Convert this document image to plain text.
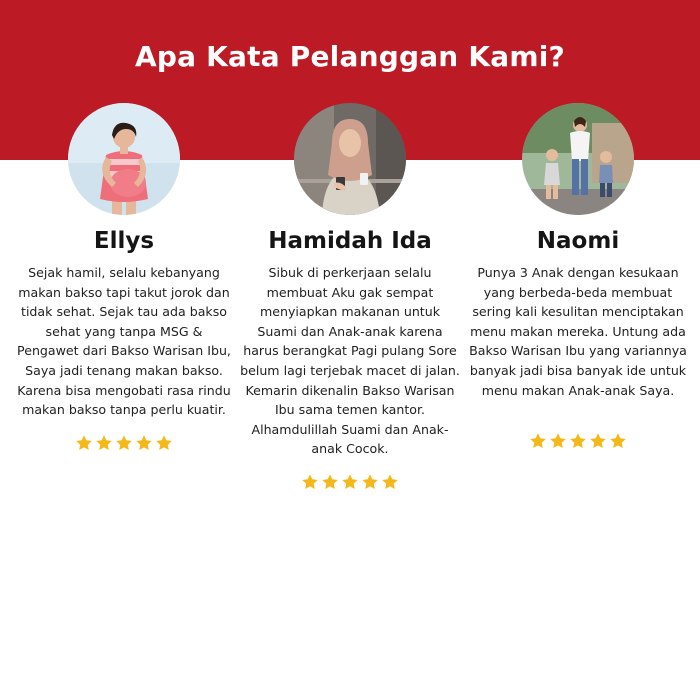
Apa Kata Pelanggan Kami?
Ellys
Sejak hamil, selalu kebanyang makan bakso tapi takut jorok dan tidak sehat. Sejak tau ada bakso sehat yang tanpa MSG & Pengawet dari Bakso Warisan Ibu, Saya jadi tenang makan bakso. Karena bisa mengobati rasa rindu makan bakso tanpa perlu kuatir.
Hamidah Ida
Sibuk di perkerjaan selalu membuat Aku gak sempat menyiapkan makanan untuk Suami dan Anak-anak karena harus berangkat Pagi pulang Sore belum lagi terjebak macet di jalan. Kemarin dikenalin Bakso Warisan Ibu sama temen kantor. Alhamdulillah Suami dan Anak-anak Cocok.
Naomi
Punya 3 Anak dengan kesukaan yang berbeda-beda membuat sering kali kesulitan menciptakan menu makan mereka. Untung ada Bakso Warisan Ibu yang variannya banyak jadi bisa banyak ide untuk menu makan Anak-anak Saya.
